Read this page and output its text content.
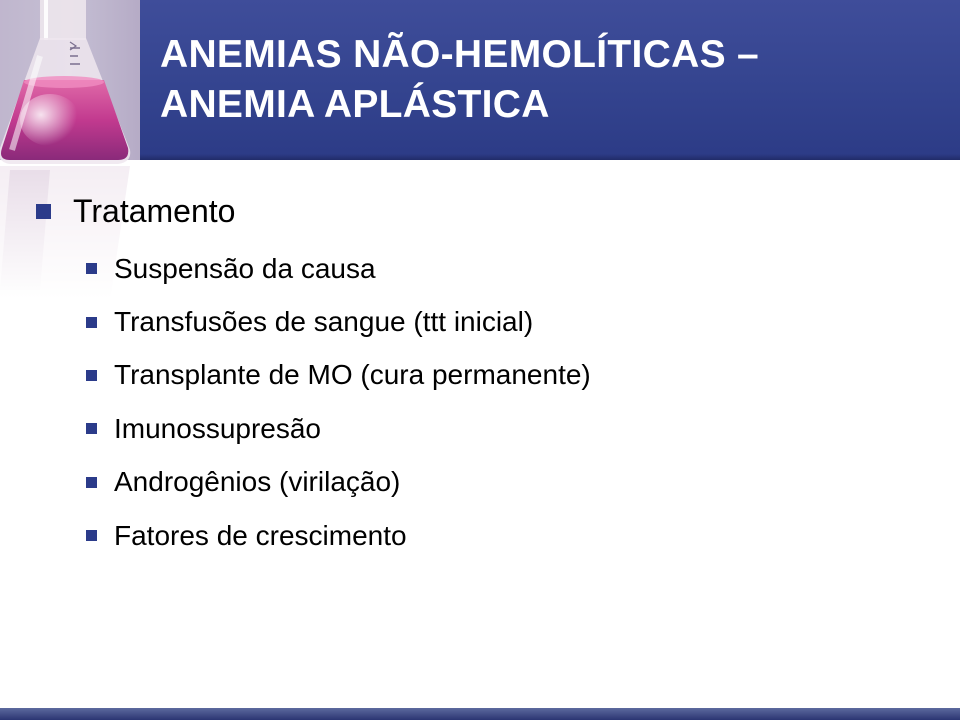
ANEMIAS NÃO-HEMOLÍTICAS –
ANEMIA APLÁSTICA
Tratamento
Suspensão da causa
Transfusões de sangue (ttt inicial)
Transplante de MO (cura permanente)
Imunossupresão
Androgênios (virilação)
Fatores de crescimento
